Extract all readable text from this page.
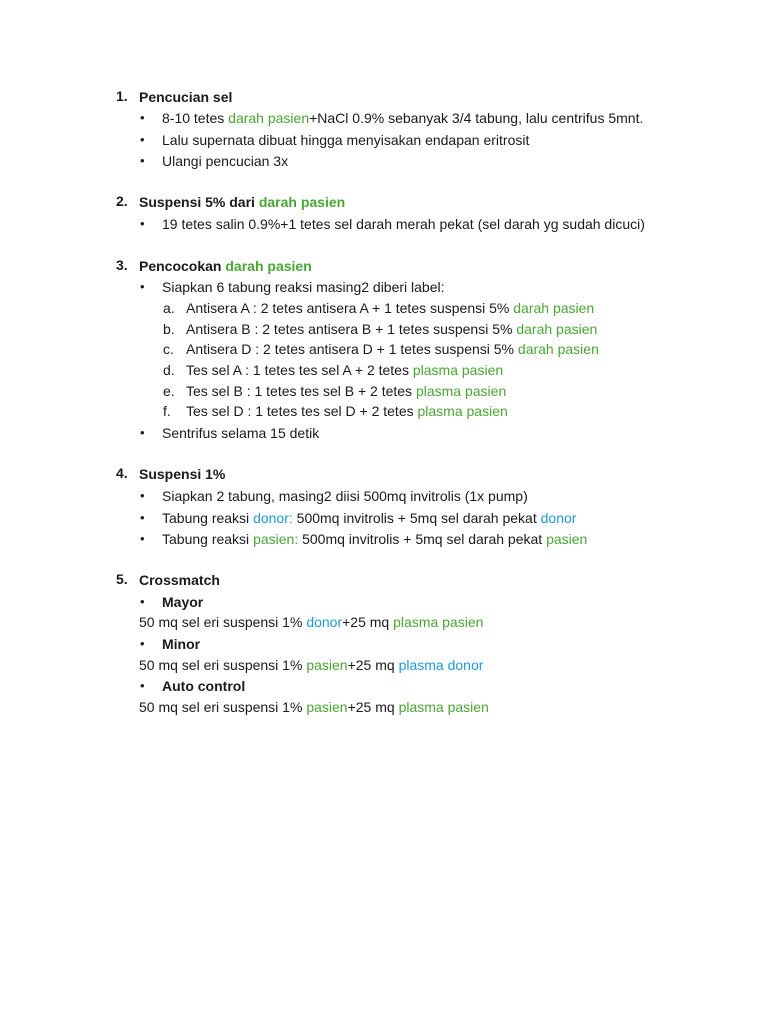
1. Pencucian sel
• 8-10 tetes darah pasien+NaCl 0.9% sebanyak 3/4 tabung, lalu centrifus 5mnt.
• Lalu supernata dibuat hingga menyisakan endapan eritrosit
• Ulangi pencucian 3x
2. Suspensi 5% dari darah pasien
• 19 tetes salin 0.9%+1 tetes sel darah merah pekat (sel darah yg sudah dicuci)
3. Pencocokan darah pasien
• Siapkan 6 tabung reaksi masing2 diberi label:
a. Antisera A : 2 tetes antisera A + 1 tetes suspensi 5% darah pasien
b. Antisera B : 2 tetes antisera B + 1 tetes suspensi 5% darah pasien
c. Antisera D : 2 tetes antisera D + 1 tetes suspensi 5% darah pasien
d. Tes sel A : 1 tetes tes sel A + 2 tetes plasma pasien
e. Tes sel B : 1 tetes tes sel B + 2 tetes plasma pasien
f. Tes sel D : 1 tetes tes sel D + 2 tetes plasma pasien
• Sentrifus selama 15 detik
4. Suspensi 1%
• Siapkan 2 tabung, masing2 diisi 500mq invitrolis (1x pump)
• Tabung reaksi donor: 500mq invitrolis + 5mq sel darah pekat donor
• Tabung reaksi pasien: 500mq invitrolis + 5mq sel darah pekat pasien
5. Crossmatch
• Mayor
50 mq sel eri suspensi 1% donor+25 mq plasma pasien
• Minor
50 mq sel eri suspensi 1% pasien+25 mq plasma donor
• Auto control
50 mq sel eri suspensi 1% pasien+25 mq plasma pasien
